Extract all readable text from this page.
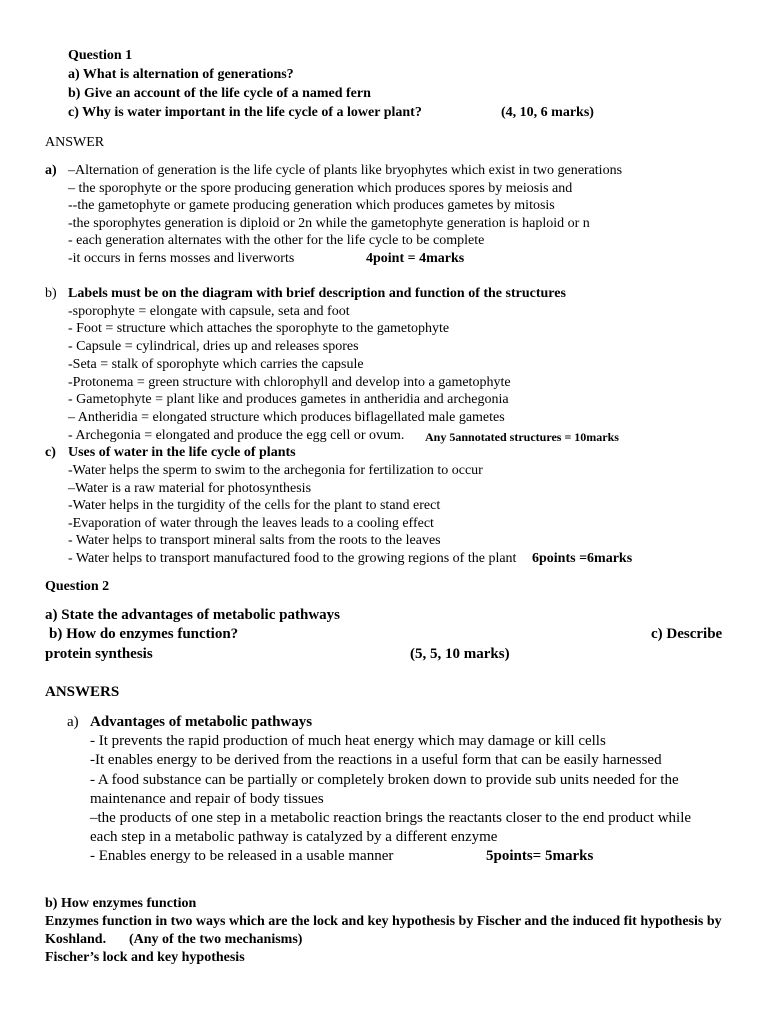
Question 1
a) What is alternation of generations?
b) Give an account of the life cycle of a named fern
c) Why is water important in the life cycle of a lower plant?	(4, 10, 6 marks)
ANSWER
a) –Alternation of generation is the life cycle of plants like bryophytes which exist in two generations
– the sporophyte or the spore producing generation which produces spores by meiosis and
--the gametophyte or gamete producing generation which produces gametes by mitosis
-the sporophytes generation is diploid or 2n while the gametophyte generation is haploid or n
- each generation alternates with the other for the life cycle to be complete
-it occurs in ferns mosses and liverworts	4point = 4marks
b) Labels must be on the diagram with brief description and function of the structures
-sporophyte = elongate with capsule, seta and foot
- Foot = structure which attaches the sporophyte to the gametophyte
- Capsule = cylindrical, dries up and releases spores
-Seta = stalk of sporophyte which carries the capsule
-Protonema = green structure with chlorophyll and develop into a gametophyte
- Gametophyte = plant like and produces gametes in antheridia and archegonia
– Antheridia = elongated structure which produces biflagellated male gametes
- Archegonia = elongated and produce the egg cell or ovum. Any 5annotated structures = 10marks
c) Uses of water in the life cycle of plants
-Water helps the sperm to swim to the archegonia for fertilization to occur
–Water is a raw material for photosynthesis
-Water helps in the turgidity of the cells for the plant to stand erect
-Evaporation of water through the leaves leads to a cooling effect
- Water helps to transport mineral salts from the roots to the leaves
- Water helps to transport manufactured food to the growing regions of the plant 6points =6marks
Question 2
a) State the advantages of metabolic pathways
b) How do enzymes function?	c) Describe
protein synthesis	(5, 5, 10 marks)
ANSWERS
a) Advantages of metabolic pathways
- It prevents the rapid production of much heat energy which may damage or kill cells
-It enables energy to be derived from the reactions in a useful form that can be easily harnessed
- A food substance can be partially or completely broken down to provide sub units needed for the
maintenance and repair of body tissues
–the products of one step in a metabolic reaction brings the reactants closer to the end product while
each step in a metabolic pathway is catalyzed by a different enzyme
- Enables energy to be released in a usable manner	5points= 5marks
b) How enzymes function
Enzymes function in two ways which are the lock and key hypothesis by Fischer and the induced fit hypothesis by
Koshland. (Any of the two mechanisms)
Fischer’s lock and key hypothesis
